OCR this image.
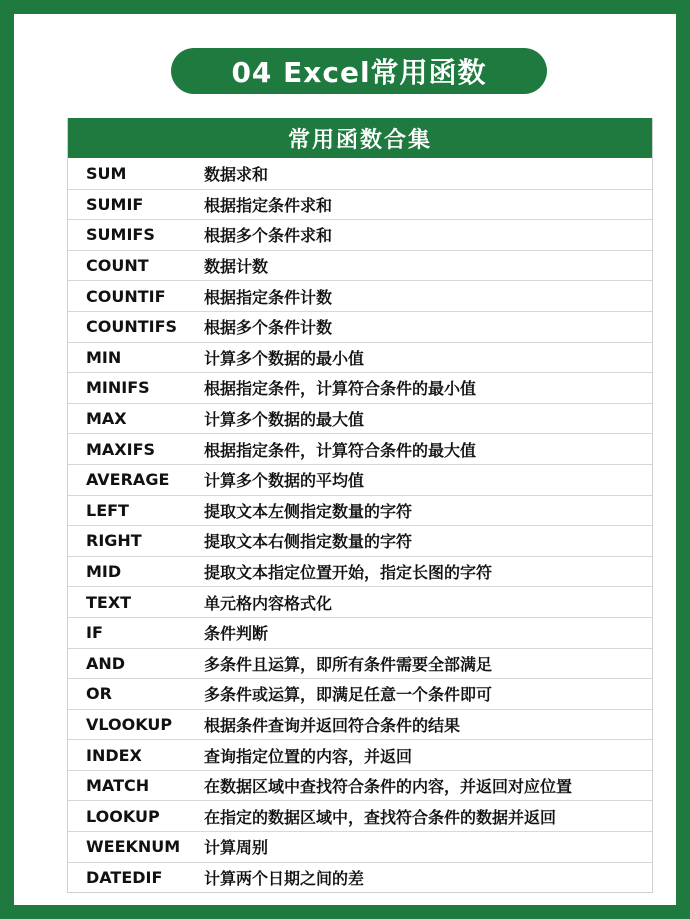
04 Excel常用函数
常用函数合集
SUM	数据求和
SUMIF	根据指定条件求和
SUMIFS	根据多个条件求和
COUNT	数据计数
COUNTIF	根据指定条件计数
COUNTIFS	根据多个条件计数
MIN	计算多个数据的最小值
MINIFS	根据指定条件，计算符合条件的最小值
MAX	计算多个数据的最大值
MAXIFS	根据指定条件，计算符合条件的最大值
AVERAGE	计算多个数据的平均值
LEFT	提取文本左侧指定数量的字符
RIGHT	提取文本右侧指定数量的字符
MID	提取文本指定位置开始，指定长图的字符
TEXT	单元格内容格式化
IF	条件判断
AND	多条件且运算，即所有条件需要全部满足
OR	多条件或运算，即满足任意一个条件即可
VLOOKUP	根据条件查询并返回符合条件的结果
INDEX	查询指定位置的内容，并返回
MATCH	在数据区域中查找符合条件的内容，并返回对应位置
LOOKUP	在指定的数据区域中，查找符合条件的数据并返回
WEEKNUM	计算周别
DATEDIF	计算两个日期之间的差
